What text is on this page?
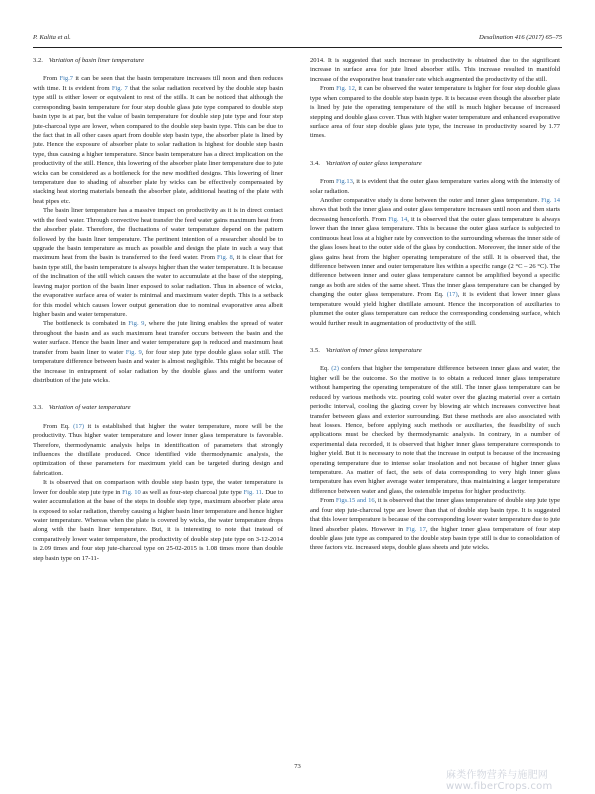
P. Kalita et al.	Desalination 416 (2017) 65–75
3.2. Variation of basin liner temperature

From Fig.7 it can be seen that the basin temperature increases till noon and then reduces with time. It is evident from Fig. 7 that the solar radiation received by the double step basin type still is either lower or equivalent to rest of the stills. It can be noticed that although the corresponding basin temperature for four step double glass jute type compared to double step basin type is at par, but the value of basin temperature for double step jute type and four step jute-charcoal type are lower, when compared to the double step basin type. This can be due to the fact that in all other cases apart from double step basin type, the absorber plate is lined by jute. Hence the exposure of absorber plate to solar radiation is highest for double step basin type, thus causing a higher temperature. Since basin temperature has a direct implication on the productivity of the still. Hence, this lowering of the absorber plate liner temperature due to jute wicks can be considered as a bottleneck for the new modified designs. This lowering of liner temperature due to shading of absorber plate by wicks can be effectively compensated by stacking heat storing materials beneath the absorber plate, additional heating of the plate with heat pipes etc.

The basin liner temperature has a massive impact on productivity as it is in direct contact with the feed water. Through convective heat transfer the feed water gains maximum heat from the absorber plate. Therefore, the fluctuations of water temperature depend on the pattern followed by the basin liner temperature. The pertinent intention of a researcher should be to upgrade the basin temperature as much as possible and design the plate in such a way that maximum heat from the basin is transferred to the feed water. From Fig. 8, it is clear that for basin type still, the basin temperature is always higher than the water temperature. It is because of the inclination of the still which causes the water to accumulate at the base of the stepping, leaving major portion of the basin liner exposed to solar radiation. Thus in absence of wicks, the evaporative surface area of water is minimal and maximum water depth. This is a setback for this model which causes lower output generation due to nominal evaporative area albeit higher basin and water temperature.

The bottleneck is combated in Fig. 9, where the jute lining enables the spread of water throughout the basin and as such maximum heat transfer occurs between the basin and the water surface. Hence the basin liner and water temperature gap is reduced and maximum heat transfer from basin liner to water Fig. 9, for four step jute type double glass solar still. The temperature difference between basin and water is almost negligible. This might be because of the increase in entrapment of solar radiation by the double glass and the uniform water distribution of the jute wicks.

3.3. Variation of water temperature

From Eq. (17) it is established that higher the water temperature, more will be the productivity. Thus higher water temperature and lower inner glass temperature is favorable. Therefore, thermodynamic analysis helps in identification of parameters that strongly influences the distillate produced. Once identified vide thermodynamic analysis, the optimization of these parameters for maximum yield can be targeted during design and fabrication.

It is observed that on comparison with double step basin type, the water temperature is lower for double step jute type in Fig. 10 as well as four-step charcoal jute type Fig. 11. Due to water accumulation at the base of the steps in double step type, maximum absorber plate area is exposed to solar radiation, thereby causing a higher basin liner temperature and hence higher water temperature. Whereas when the plate is covered by wicks, the water temperature drops along with the basin liner temperature. But, it is interesting to note that instead of comparatively lower water temperature, the productivity of double step jute type on 3-12-2014 is 2.09 times and four step jute-charcoal type on 25-02-2015 is 1.08 times more than double step basin type on 17-11-

2014. It is suggested that such increase in productivity is obtained due to the significant increase in surface area for jute lined absorber stills. This increase resulted in manifold increase of the evaporative heat transfer rate which augmented the productivity of the still.

From Fig. 12, it can be observed the water temperature is higher for four step double glass type when compared to the double step basin type. It is because even though the absorber plate is lined by jute the operating temperature of the still is much higher because of increased stepping and double glass cover. Thus with higher water temperature and enhanced evaporative surface area of four step double glass jute type, the increase in productivity soared by 1.77 times.

3.4. Variation of outer glass temperature

From Fig.13, it is evident that the outer glass temperature varies along with the intensity of solar radiation.

Another comparative study is done between the outer and inner glass temperature. Fig. 14 shows that both the inner glass and outer glass temperature increases until noon and then starts decreasing henceforth. From Fig. 14, it is observed that the outer glass temperature is always lower than the inner glass temperature. This is because the outer glass surface is subjected to continuous heat loss at a higher rate by convection to the surrounding whereas the inner side of the glass loses heat to the outer side of the glass by conduction. Moreover, the inner side of the glass gains heat from the higher operating temperature of the still. It is observed that, the difference between inner and outer temperature lies within a specific range (2 °C – 26 °C). The difference between inner and outer glass temperature cannot be amplified beyond a specific range as both are sides of the same sheet. Thus the inner glass temperature can be changed by changing the outer glass temperature. From Eq. (17), it is evident that lower inner glass temperature would yield higher distillate amount. Hence the incorporation of auxiliaries to plummet the outer glass temperature can reduce the corresponding condensing surface, which would further result in augmentation of productivity of the still.

3.5. Variation of inner glass temperature

Eq. (2) confers that higher the temperature difference between inner glass and water, the higher will be the outcome. So the motive is to obtain a reduced inner glass temperature without hampering the operating temperature of the still. The inner glass temperature can be reduced by various methods viz. pouring cold water over the glazing material over a certain periodic interval, cooling the glazing cover by blowing air which increases convective heat transfer between glass and exterior surrounding. But these methods are also associated with heat losses. Hence, before applying such methods or auxiliaries, the feasibility of such applications must be checked by thermodynamic analysis. In contrary, in a number of experimental data recorded, it is observed that higher inner glass temperature corresponds to higher yield. But it is necessary to note that the increase in output is because of the increasing operating temperature due to intense solar insolation and not because of higher inner glass temperature. As matter of fact, the sets of data corresponding to very high inner glass temperature has even higher average water temperature, thus maintaining a larger temperature difference between water and glass, the ostensible impetus for higher productivity.

From Figs.15 and 16, it is observed that the inner glass temperature of double step jute type and four step jute-charcoal type are lower than that of double step basin type. It is suggested that this lower temperature is because of the corresponding lower water temperature due to jute lined absorber plates. However in Fig. 17, the higher inner glass temperature of four step double glass jute type as compared to the double step basin type still is due to consolidation of three factors viz. increased steps, double glass sheets and jute wicks.

73
麻类作物营养与施肥网 www.fiberCrops.com
